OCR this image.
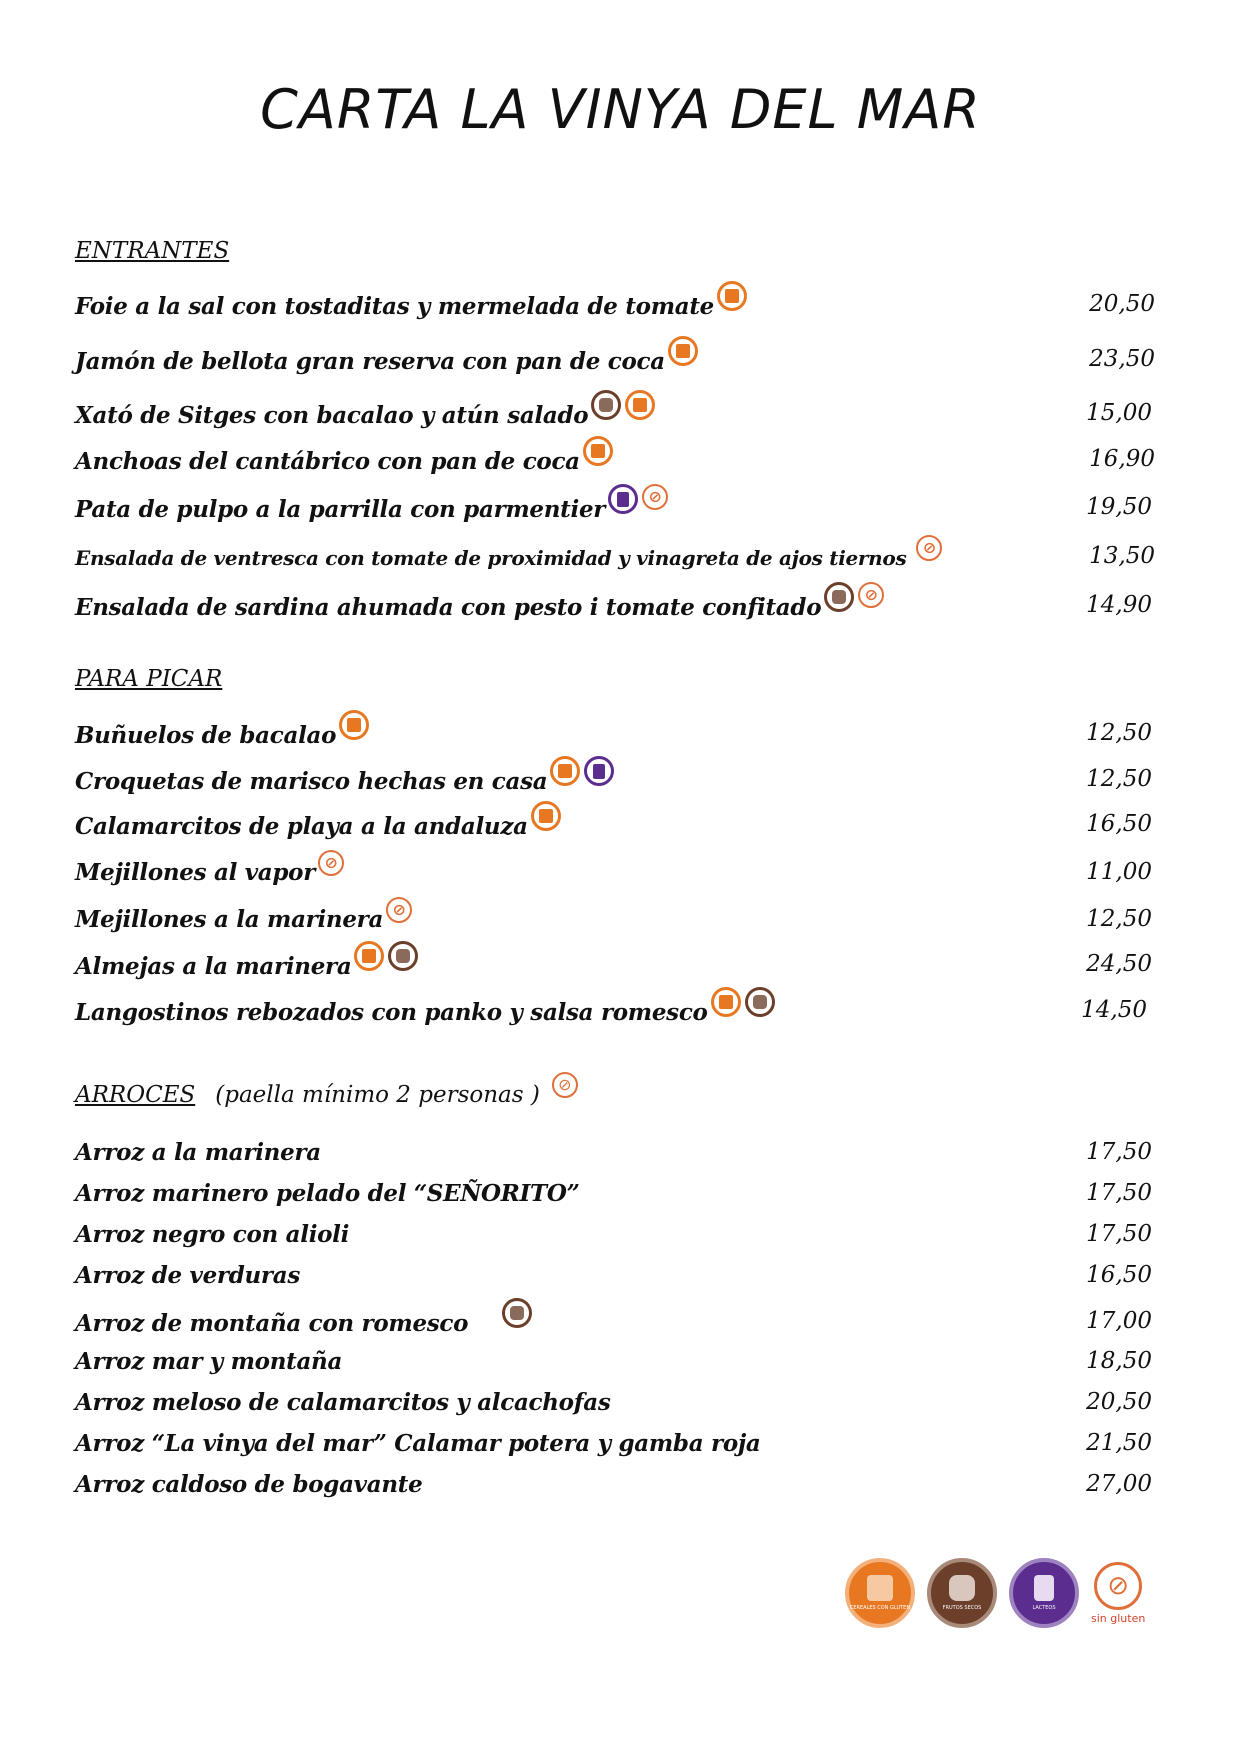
CARTA LA VINYA DEL MAR
ENTRANTES
Foie a la sal con tostaditas y mermelada de tomate	20,50
Jamón de bellota gran reserva con pan de coca	23,50
Xató de Sitges con bacalao y atún salado	15,00
Anchoas del cantábrico con pan de coca	16,90
Pata de pulpo a la parrilla con parmentier	⊘	19,50
Ensalada de ventresca con tomate de proximidad y vinagreta de ajos tiernos ⊘	13,50
Ensalada de sardina ahumada con pesto i tomate confitado	⊘	14,90
PARA PICAR
Buñuelos de bacalao	12,50
Croquetas de marisco hechas en casa	12,50
Calamarcitos de playa a la andaluza	16,50
Mejillones al vapor ⊘	11,00
Mejillones a la marinera ⊘	12,50
Almejas a la marinera	24,50
Langostinos rebozados con panko y salsa romesco	14,50
ARROCES (paella mínimo 2 personas ) ⊘
Arroz a la marinera	17,50
Arroz marinero pelado del “SEÑORITO”	17,50
Arroz negro con alioli	17,50
Arroz de verduras	16,50
Arroz de montaña con romesco	17,00
Arroz mar y montaña	18,50
Arroz meloso de calamarcitos y alcachofas	20,50
Arroz “La vinya del mar” Calamar potera y gamba roja	21,50
Arroz caldoso de bogavante	27,00
CEREALES CON GLUTEN	FRUTOS SECOS	LACTEOS
⊘
sin gluten
